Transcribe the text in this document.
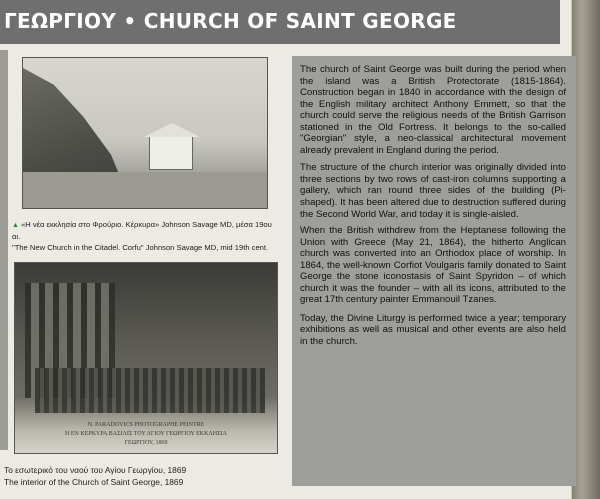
ΓΕΩΡΓΙΟΥ • CHURCH OF SAINT GEORGE
▲ «Η νέα εκκλησία στο Φρούριο. Κέρκυρα» Johnson Savage MD, μέσα 19ου αι.
"The New Church in the Citadel. Corfu" Johnson Savage MD, mid 19th cent.
N. PARADOVICS PHOTOGRAPHE PEINTRE
Η ΕΝ ΚΕΡΚΥΡΑ ΒΑΣΙΛΙΣ ΤΟΥ ΑΓΙΟΥ ΓΕΩΡΓΙΟΥ ΕΚΚΛΗΣΙΑ
ΓΕΩΡΓΙΟΥ, 1869
Το εσωτερικό του ναού του Αγίου Γεωργίου, 1869
The interior of the Church of Saint George, 1869

The church of Saint George was built during the period when the island was a British Protectorate (1815-1864). Construction began in 1840 in accordance with the design of the English military architect Anthony Emmett, so that the church could serve the religious needs of the British Garrison stationed in the Old Fortress. It belongs to the so-called "Georgian" style, a neo-classical architectural movement already prevalent in England during the period.

The structure of the church interior was originally divided into three sections by two rows of cast-iron columns supporting a gallery, which ran round three sides of the building (Pi-shaped). It has been altered due to destruction suffered during the Second World War, and today it is single-aisled.

When the British withdrew from the Heptanese following the Union with Greece (May 21, 1864), the hitherto Anglican church was converted into an Orthodox place of worship. In 1864, the well-known Corfiot Voulgaris family donated to Saint George the stone iconostasis of Saint Spyridon – of which church it was the founder – with all its icons, attributed to the great 17th century painter Emmanouil Tzanes.

Today, the Divine Liturgy is performed twice a year; temporary exhibitions as well as musical and other events are also held in the church.
